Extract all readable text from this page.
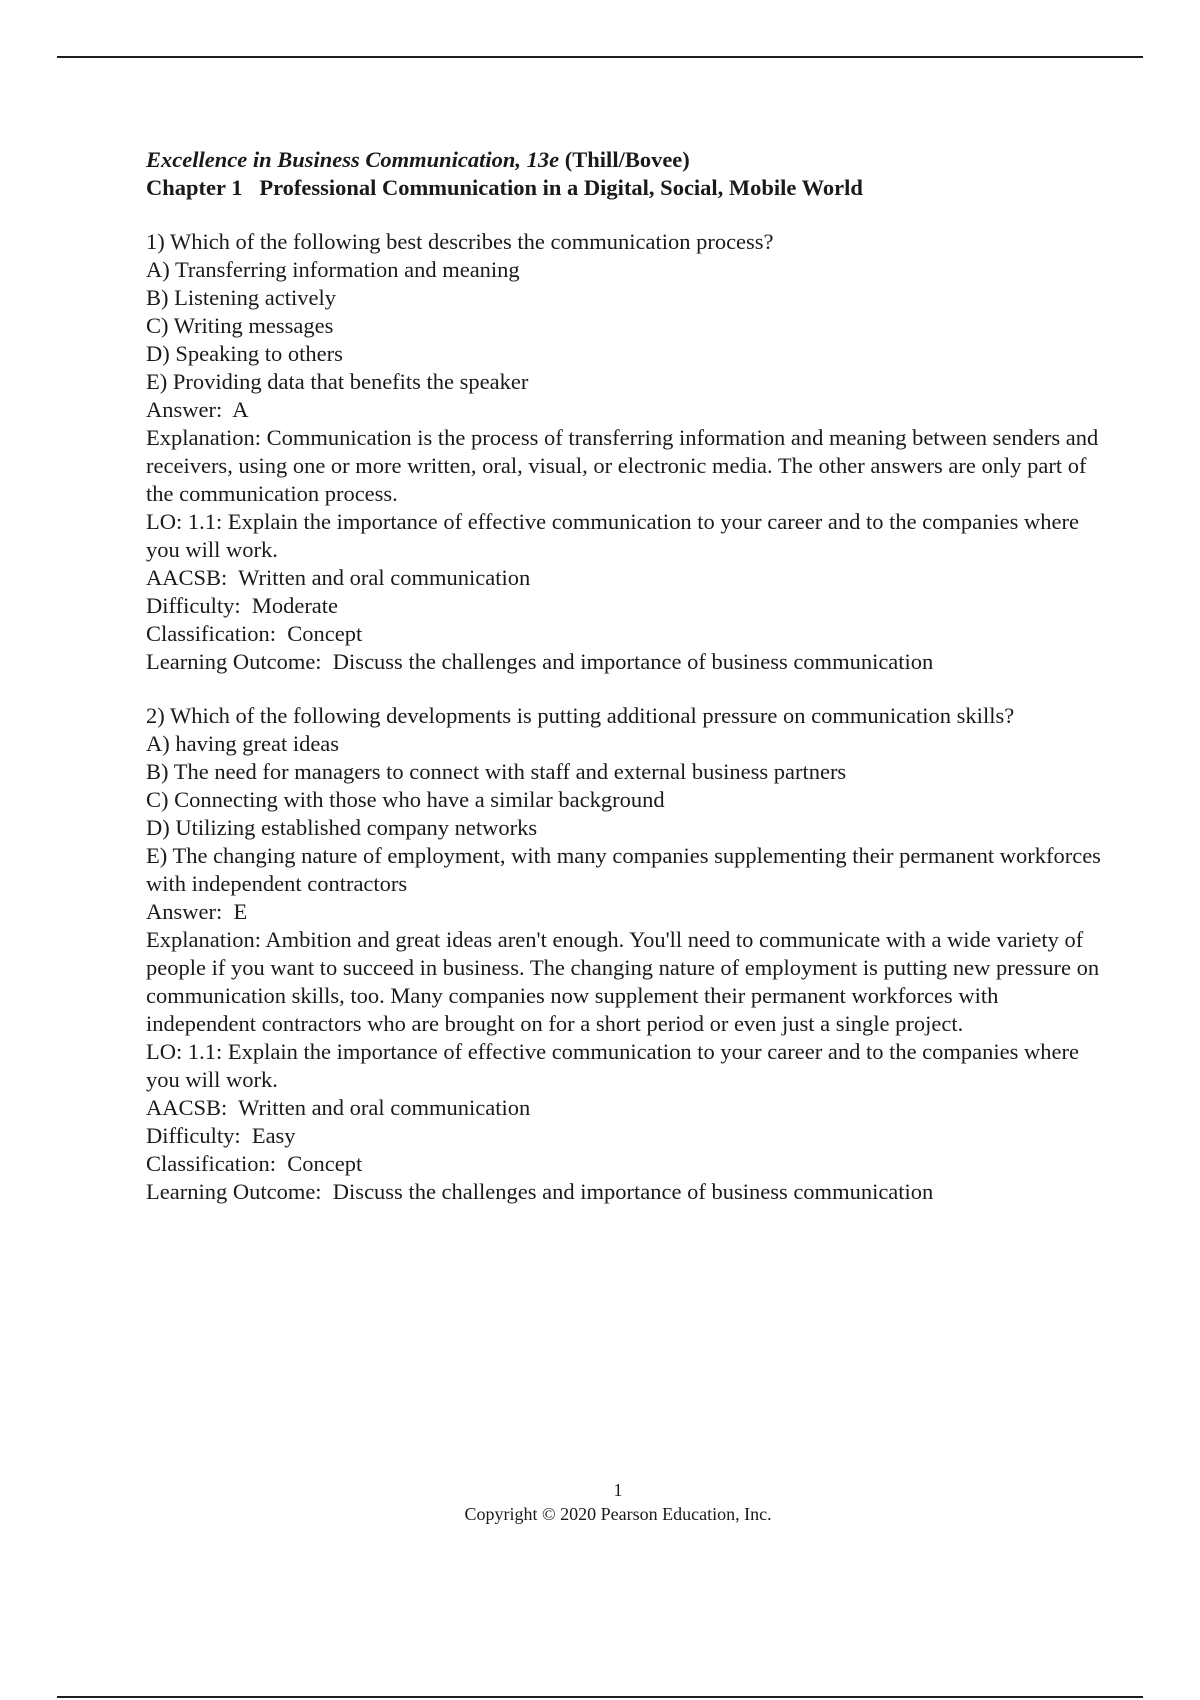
Excellence in Business Communication, 13e (Thill/Bovee)
Chapter 1   Professional Communication in a Digital, Social, Mobile World
1) Which of the following best describes the communication process?
A) Transferring information and meaning
B) Listening actively
C) Writing messages
D) Speaking to others
E) Providing data that benefits the speaker
Answer:  A
Explanation: Communication is the process of transferring information and meaning between senders and receivers, using one or more written, oral, visual, or electronic media. The other answers are only part of the communication process.
LO: 1.1: Explain the importance of effective communication to your career and to the companies where you will work.
AACSB:  Written and oral communication
Difficulty:  Moderate
Classification:  Concept
Learning Outcome:  Discuss the challenges and importance of business communication
2) Which of the following developments is putting additional pressure on communication skills?
A) having great ideas
B) The need for managers to connect with staff and external business partners
C) Connecting with those who have a similar background
D) Utilizing established company networks
E) The changing nature of employment, with many companies supplementing their permanent workforces with independent contractors
Answer:  E
Explanation: Ambition and great ideas aren't enough. You'll need to communicate with a wide variety of people if you want to succeed in business. The changing nature of employment is putting new pressure on communication skills, too. Many companies now supplement their permanent workforces with independent contractors who are brought on for a short period or even just a single project.
LO: 1.1: Explain the importance of effective communication to your career and to the companies where you will work.
AACSB:  Written and oral communication
Difficulty:  Easy
Classification:  Concept
Learning Outcome:  Discuss the challenges and importance of business communication
1
Copyright © 2020 Pearson Education, Inc.
